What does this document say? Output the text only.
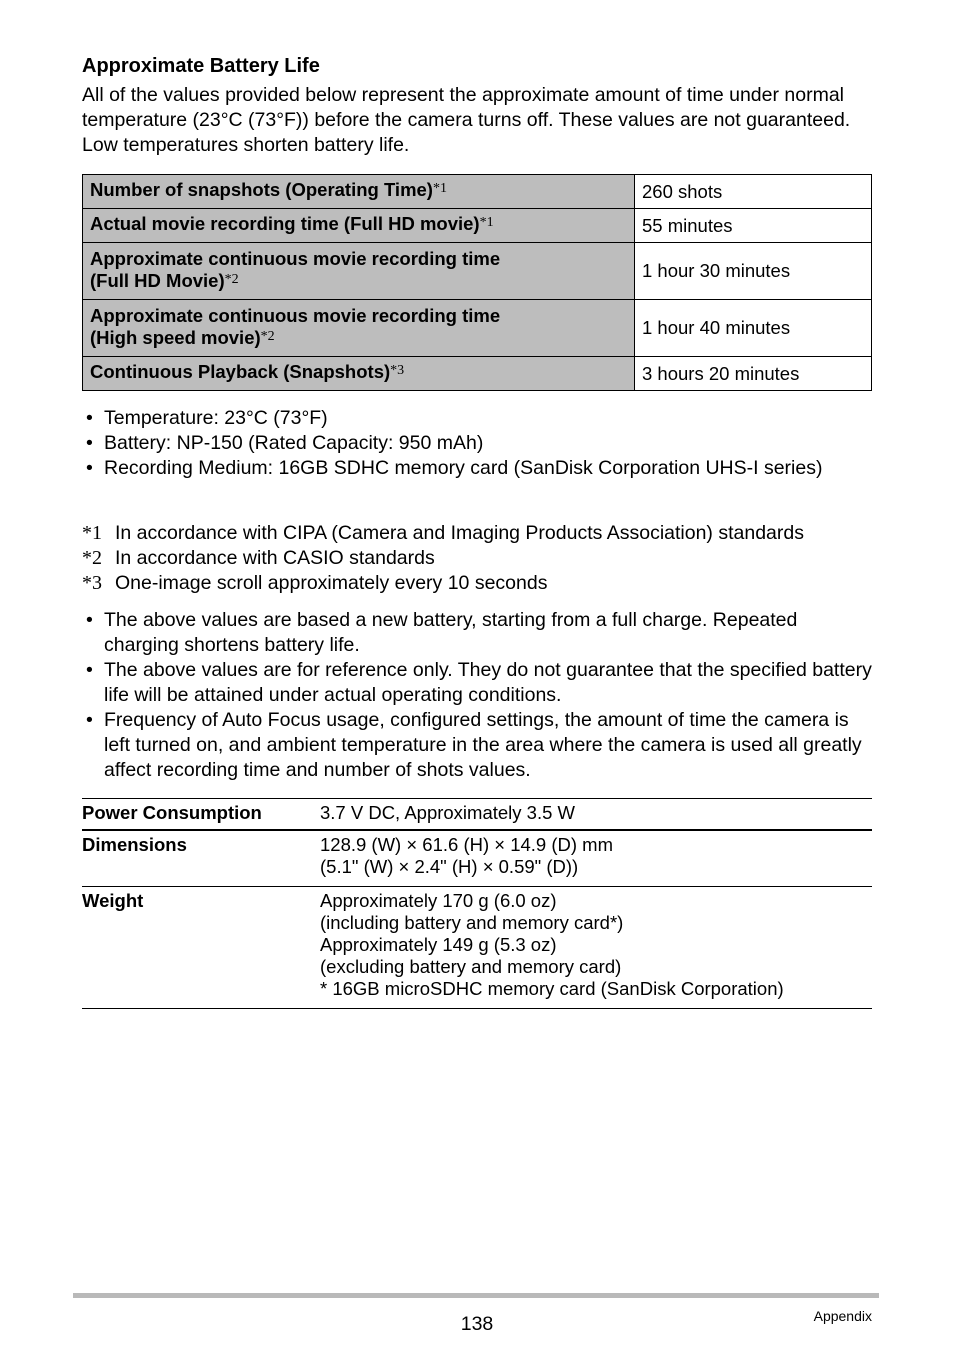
Approximate Battery Life

All of the values provided below represent the approximate amount of time under normal temperature (23°C (73°F)) before the camera turns off. These values are not guaranteed. Low temperatures shorten battery life.

Number of snapshots (Operating Time)$^{*1}$	260 shots
Actual movie recording time (Full HD movie)$^{*1}$	55 minutes

Approximate continuous movie recording time
(Full HD Movie)$^{*2}$	1 hour 30 minutes

Approximate continuous movie recording time
(High speed movie)$^{*2}$	1 hour 40 minutes
Continuous Playback (Snapshots)$^{*3}$	3 hours 20 minutes
• Temperature: 23°C (73°F)
• Battery: NP-150 (Rated Capacity: 950 mAh)
• Recording Medium: 16GB SDHC memory card (SanDisk Corporation UHS-I series)
*1 In accordance with CIPA (Camera and Imaging Products Association) standards
*2 In accordance with CASIO standards
*3 One-image scroll approximately every 10 seconds
• The above values are based a new battery, starting from a full charge. Repeated charging shortens battery life.
• The above values are for reference only. They do not guarantee that the specified battery life will be attained under actual operating conditions.
• Frequency of Auto Focus usage, configured settings, the amount of time the camera is left turned on, and ambient temperature in the area where the camera is used all greatly affect recording time and number of shots values.
Power Consumption	3.7 V DC, Approximately 3.5 W
Dimensions	128.9 (W) × 61.6 (H) × 14.9 (D) mm
(5.1" (W) × 2.4" (H) × 0.59" (D))

Weight	Approximately 170 g (6.0 oz)
(including battery and memory card*)
Approximately 149 g (5.3 oz)
(excluding battery and memory card)
* 16GB microSDHC memory card (SanDisk Corporation)
138	Appendix
